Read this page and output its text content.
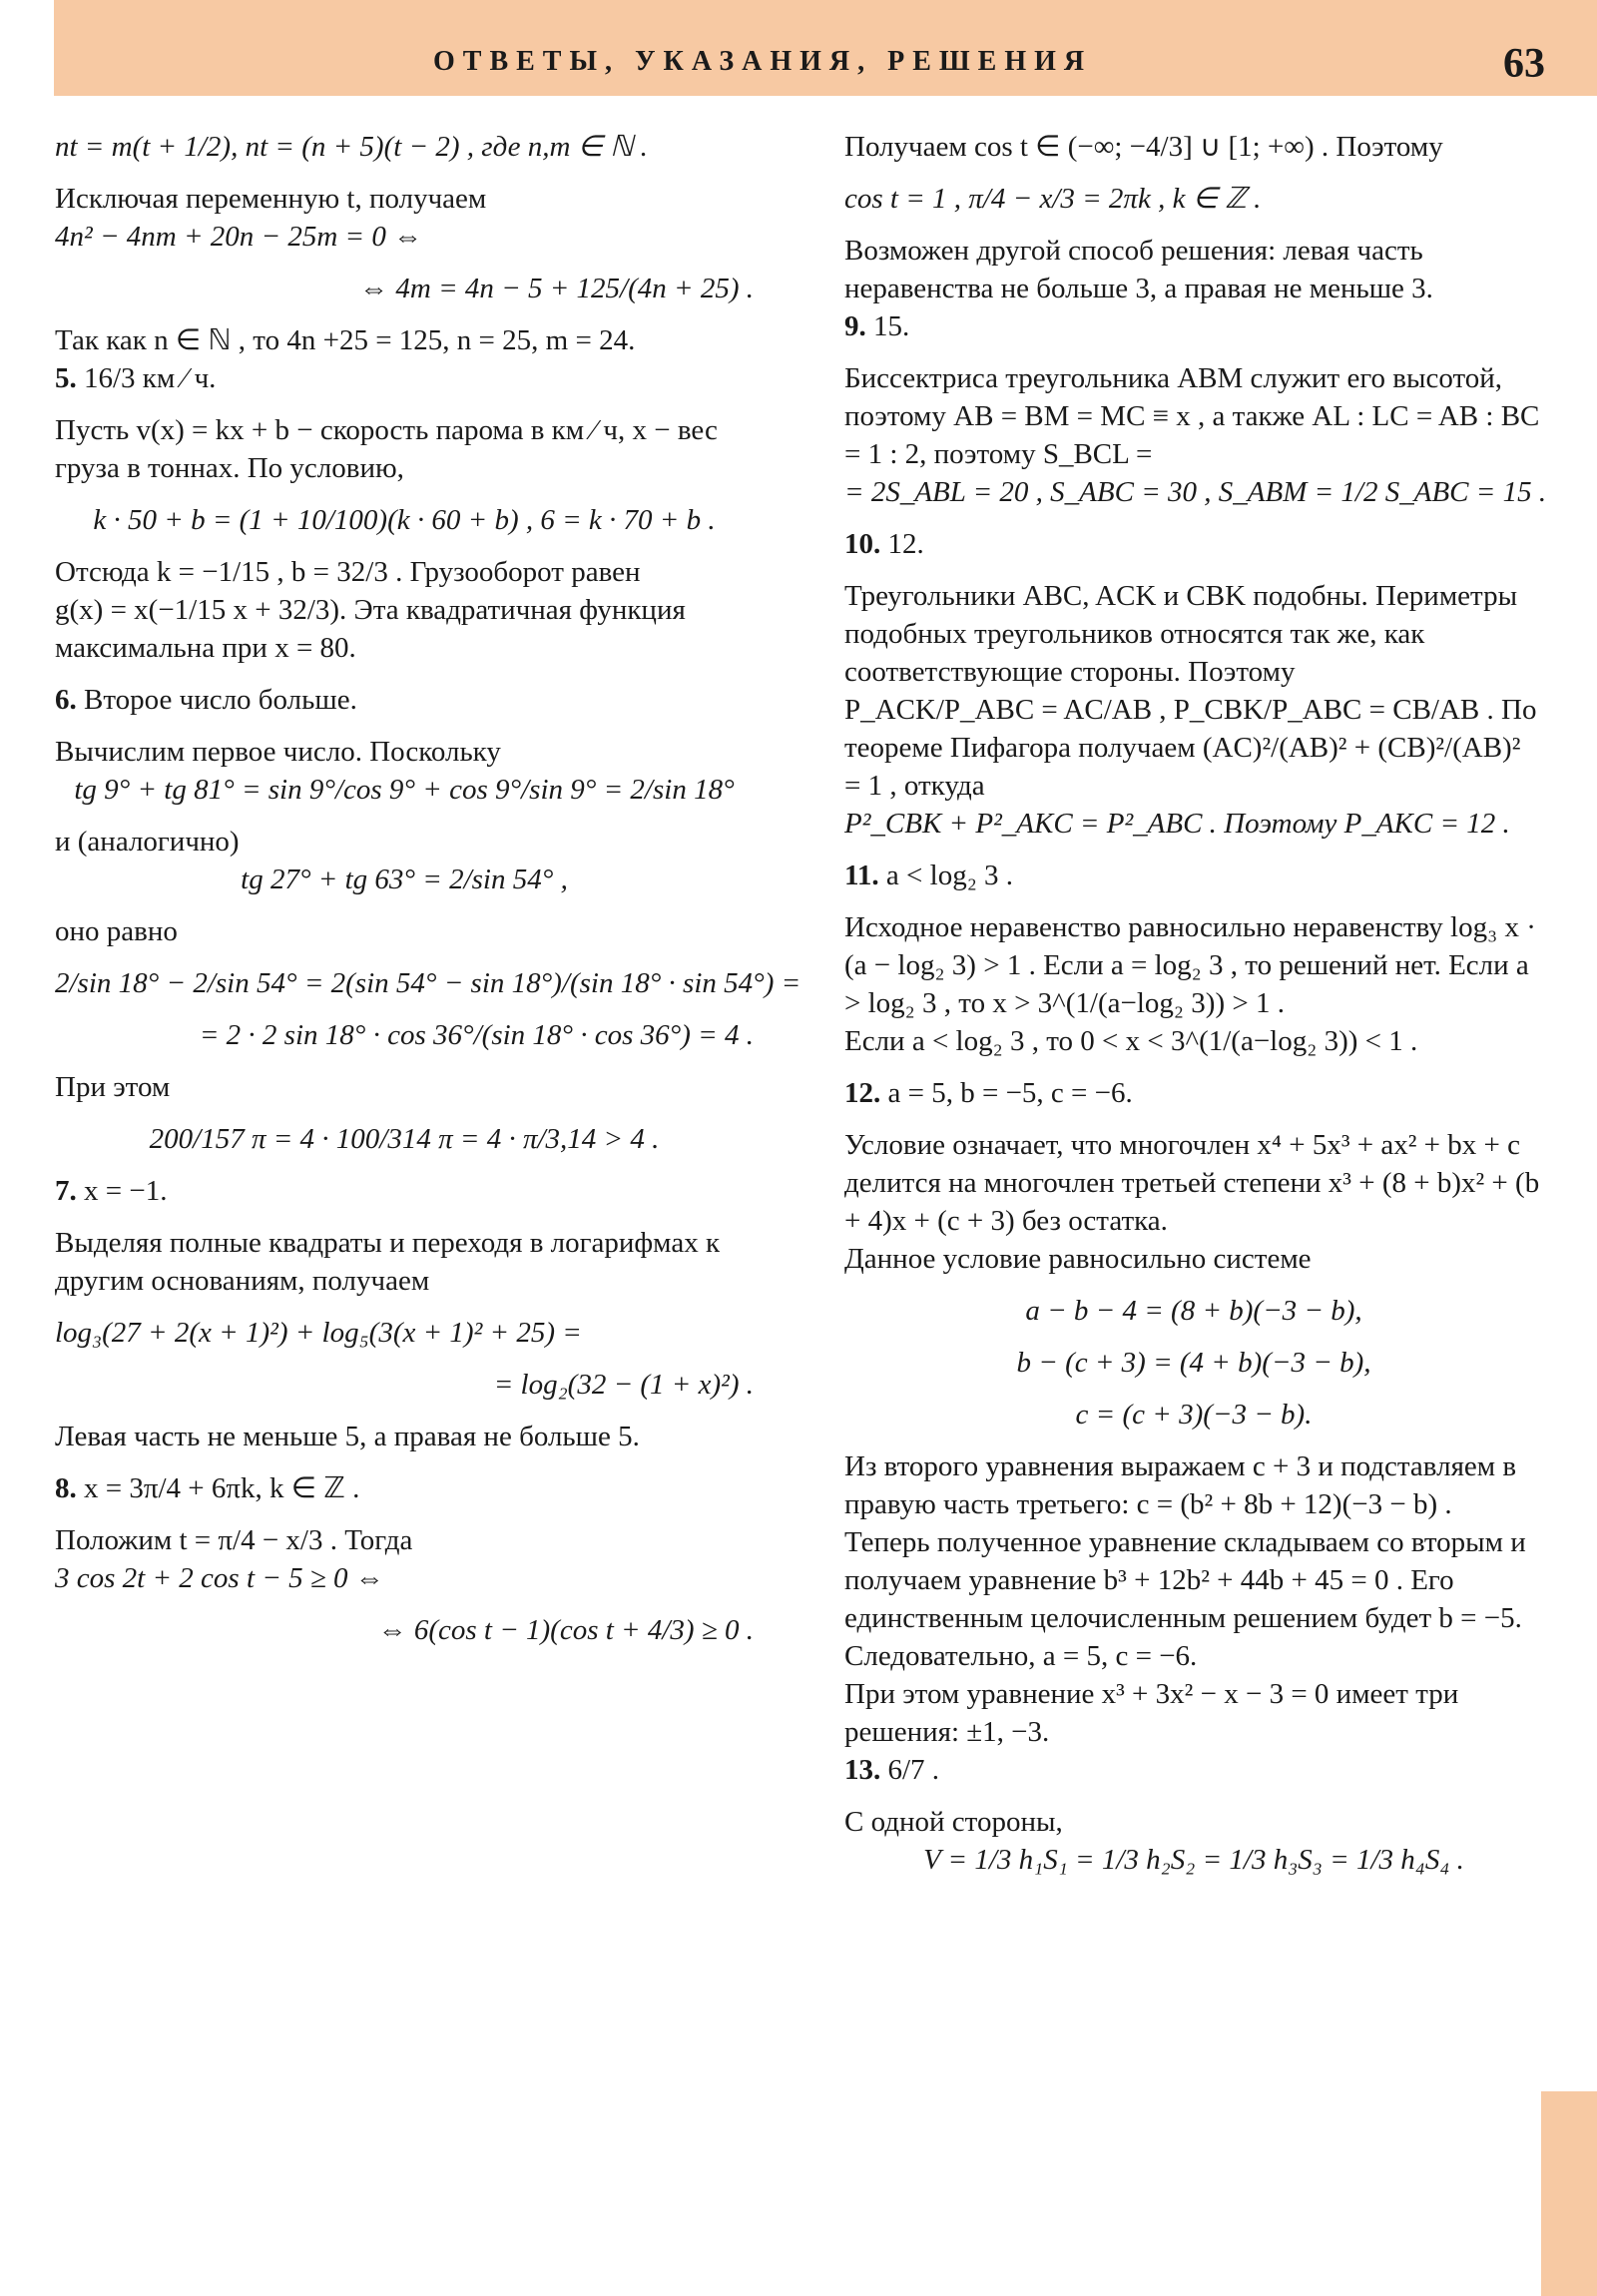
ОТВЕТЫ, УКАЗАНИЯ, РЕШЕНИЯ	63

nt = m(t + 1/2), nt = (n + 5)(t − 2) , где n,m ∈ ℕ .

Исключая переменную t, получаем

4n² − 4nm + 20n − 25m = 0 ⇔

⇔ 4m = 4n − 5 + 125/(4n + 25) .

Так как n ∈ ℕ , то 4n +25 = 125, n = 25, m = 24.

5. 16/3 км ⁄ ч.

Пусть v(x) = kx + b − скорость парома в км ⁄ ч, x − вес груза в тоннах. По условию,

k · 50 + b = (1 + 10/100)(k · 60 + b) , 6 = k · 70 + b .

Отсюда k = −1/15 , b = 32/3 . Грузооборот равен

g(x) = x(−1/15 x + 32/3). Эта квадратичная функция максимальна при x = 80.

6. Второе число больше.

Вычислим первое число. Поскольку

tg 9° + tg 81° = sin 9°/cos 9° + cos 9°/sin 9° = 2/sin 18°

и (аналогично)

tg 27° + tg 63° = 2/sin 54° ,

оно равно

2/sin 18° − 2/sin 54° = 2(sin 54° − sin 18°)/(sin 18° · sin 54°) =

= 2 · 2 sin 18° · cos 36°/(sin 18° · cos 36°) = 4 .

При этом

200/157 π = 4 · 100/314 π = 4 · π/3,14 > 4 .

7. x = −1.

Выделяя полные квадраты и переходя в логарифмах к другим основаниям, получаем

log₃(27 + 2(x + 1)²) + log₅(3(x + 1)² + 25) =

= log₂(32 − (1 + x)²) .

Левая часть не меньше 5, а правая не больше 5.

8. x = 3π/4 + 6πk, k ∈ ℤ .

Положим t = π/4 − x/3 . Тогда

3 cos 2t + 2 cos t − 5 ≥ 0 ⇔

⇔ 6(cos t − 1)(cos t + 4/3) ≥ 0 .

Получаем cos t ∈ (−∞; −4/3] ∪ [1; +∞) . Поэтому

cos t = 1 , π/4 − x/3 = 2πk , k ∈ ℤ .

Возможен другой способ решения: левая часть неравенства не больше 3, а правая не меньше 3.

9. 15.

Биссектриса треугольника ABM служит его высотой, поэтому AB = BM = MC ≡ x , а также AL : LC = AB : BC = 1 : 2, поэтому S_BCL =

= 2S_ABL = 20 , S_ABC = 30 , S_ABM = 1/2 S_ABC = 15 .

10. 12.

Треугольники ABC, ACK и CBK подобны. Периметры подобных треугольников относятся так же, как соответствующие стороны. Поэтому

P_ACK/P_ABC = AC/AB , P_CBK/P_ABC = CB/AB . По теореме Пифагора получаем (AC)²/(AB)² + (CB)²/(AB)² = 1 , откуда

P²_CBK + P²_AKC = P²_ABC . Поэтому P_AKC = 12 .

11. a < log₂ 3 .

Исходное неравенство равносильно неравенству log₃ x · (a − log₂ 3) > 1 . Если a = log₂ 3 , то решений нет. Если a > log₂ 3 , то x > 3^(1/(a−log₂ 3)) > 1 .

Если a < log₂ 3 , то 0 < x < 3^(1/(a−log₂ 3)) < 1 .

12. a = 5, b = −5, c = −6.

Условие означает, что многочлен x⁴ + 5x³ + ax² + bx + c делится на многочлен третьей степени x³ + (8 + b)x² + (b + 4)x + (c + 3) без остатка.

Данное условие равносильно системе

a − b − 4 = (8 + b)(−3 − b),

b − (c + 3) = (4 + b)(−3 − b),

c = (c + 3)(−3 − b).

Из второго уравнения выражаем c + 3 и подставляем в правую часть третьего: c = (b² + 8b + 12)(−3 − b) . Теперь полученное уравнение складываем со вторым и получаем уравнение b³ + 12b² + 44b + 45 = 0 . Его единственным целочисленным решением будет b = −5. Следовательно, a = 5, c = −6.

При этом уравнение x³ + 3x² − x − 3 = 0 имеет три решения: ±1, −3.

13. 6/7 .

С одной стороны,

V = 1/3 h₁S₁ = 1/3 h₂S₂ = 1/3 h₃S₃ = 1/3 h₄S₄ .
